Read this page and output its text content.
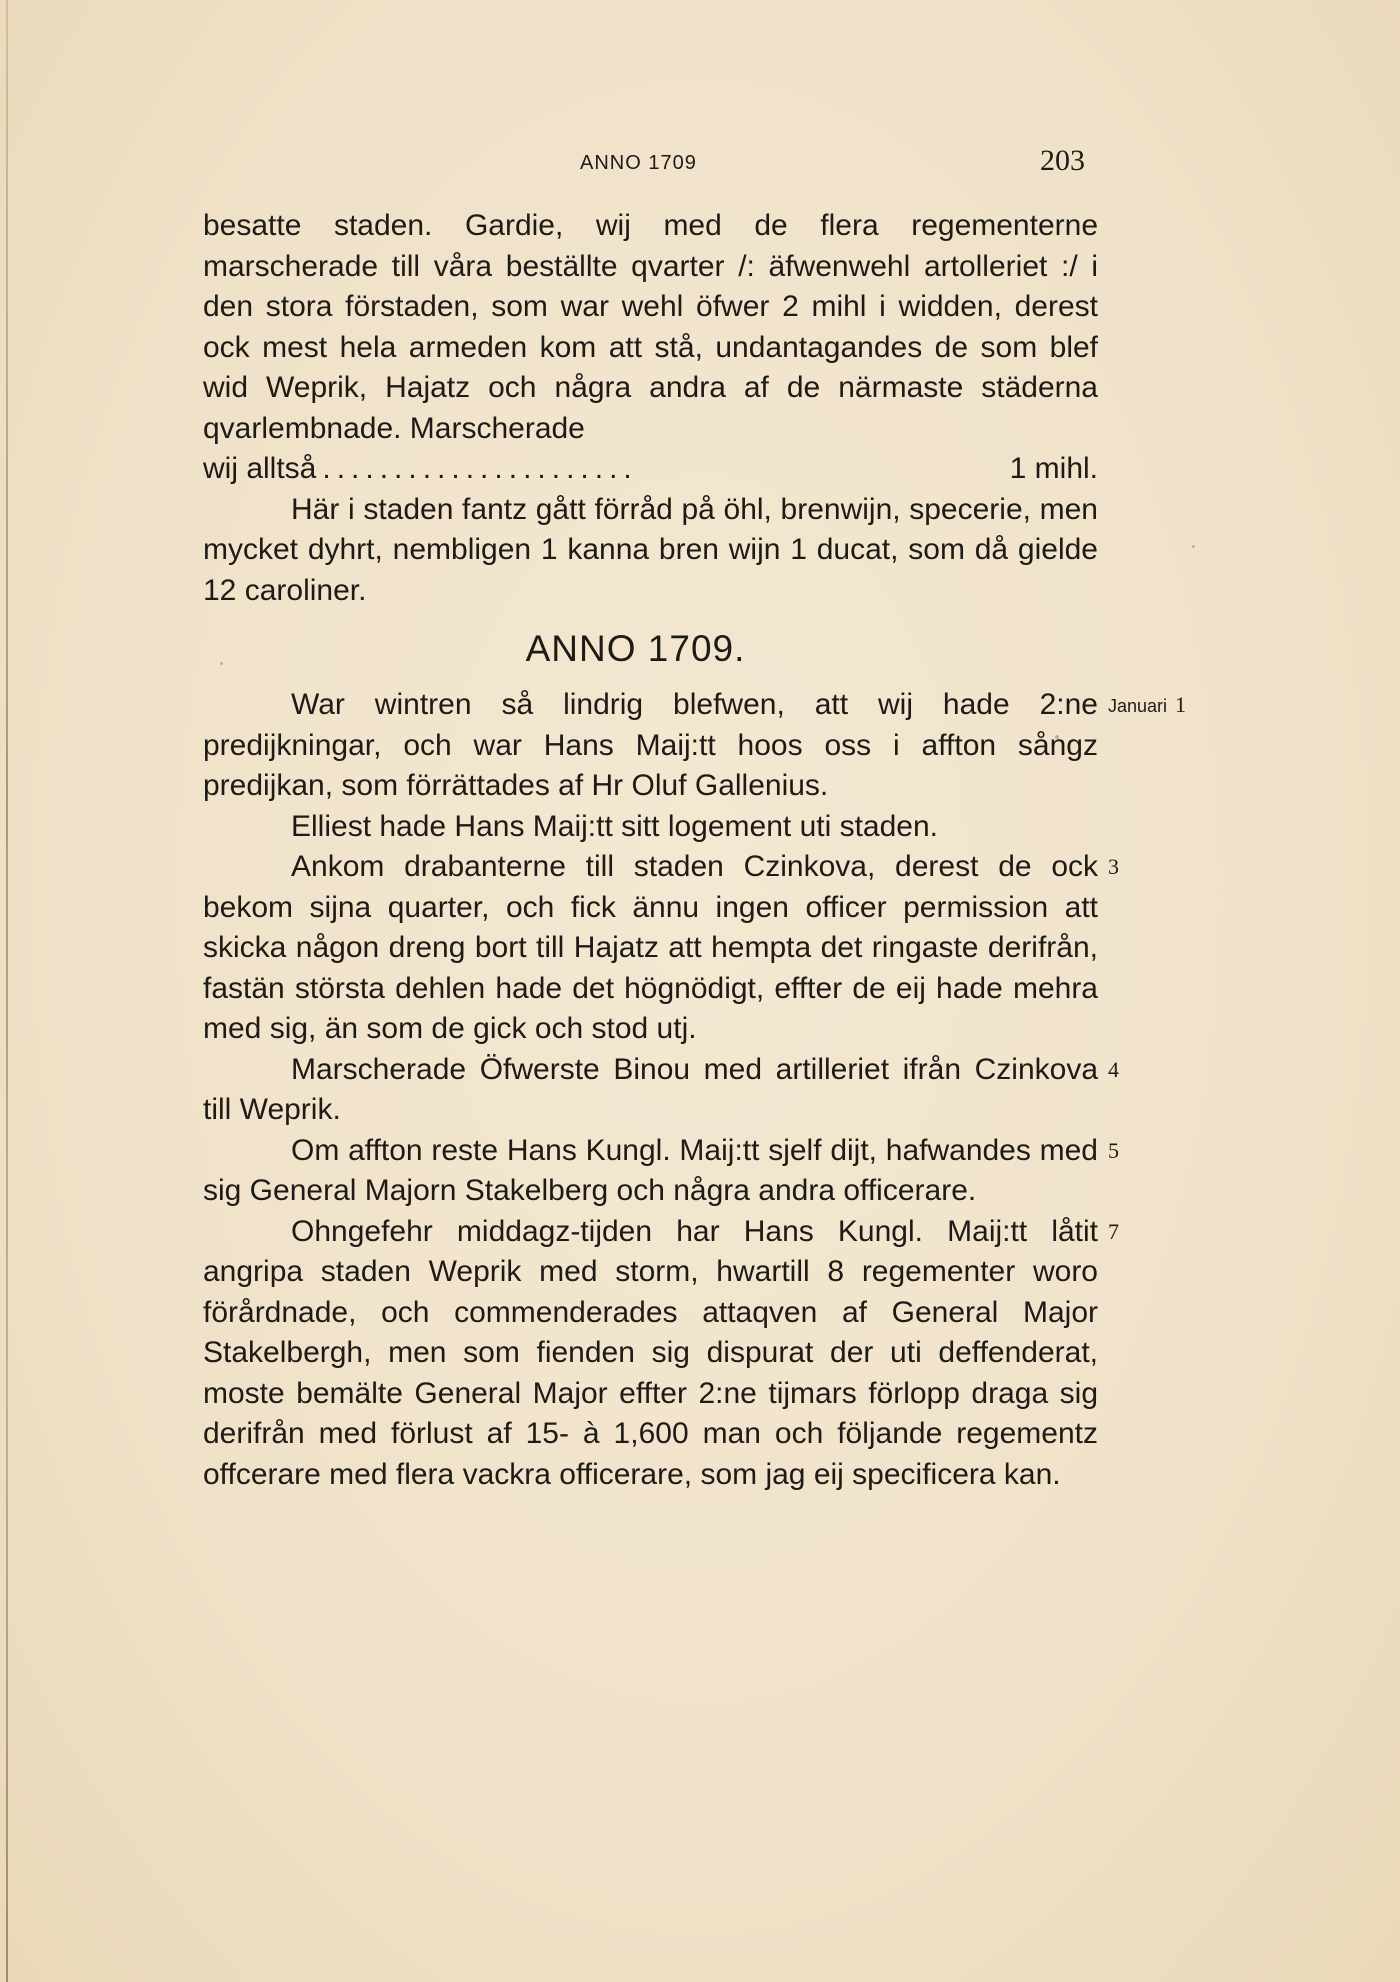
ANNO 1709	203

besatte staden. Gardie, wij med de flera regementerne marscherade till våra beställte qvarter /: äfwenwehl artolleriet :/ i den stora förstaden, som war wehl öfwer 2 mihl i widden, derest ock mest hela armeden kom att stå, undantagandes de som blef wid Weprik, Hajatz och några andra af de närmaste städerna qvarlembnade. Marscherade

wij alltså ......................	1 mihl.

Här i staden fantz gått förråd på öhl, brenwijn, specerie, men mycket dyhrt, nembligen 1 kanna bren wijn 1 ducat, som då gielde 12 caroliner.

ANNO 1709.
Januari 1

War wintren så lindrig blefwen, att wij hade 2:ne predijkningar, och war Hans Maij:tt hoos oss i affton sångz predijkan, som förrättades af Hr Oluf Gallenius.

Elliest hade Hans Maij:tt sitt logement uti staden.

3

Ankom drabanterne till staden Czinkova, derest de ock bekom sijna quarter, och fick ännu ingen officer permission att skicka någon dreng bort till Hajatz att hempta det ringaste derifrån, fastän största dehlen hade det högnödigt, effter de eij hade mehra med sig, än som de gick och stod utj.

4

Marscherade Öfwerste Binou med artilleriet ifrån Czinkova till Weprik.

5

Om affton reste Hans Kungl. Maij:tt sjelf dijt, hafwandes med sig General Majorn Stakelberg och några andra officerare.

7

Ohngefehr middagz-tijden har Hans Kungl. Maij:tt låtit angripa staden Weprik med storm, hwartill 8 regementer woro förårdnade, och commenderades attaqven af General Major Stakelbergh, men som fienden sig dispurat der uti deffenderat, moste bemälte General Major effter 2:ne tijmars förlopp draga sig derifrån med förlust af 15- à 1,600 man och följande regementz offcerare med flera vackra officerare, som jag eij specificera kan.
